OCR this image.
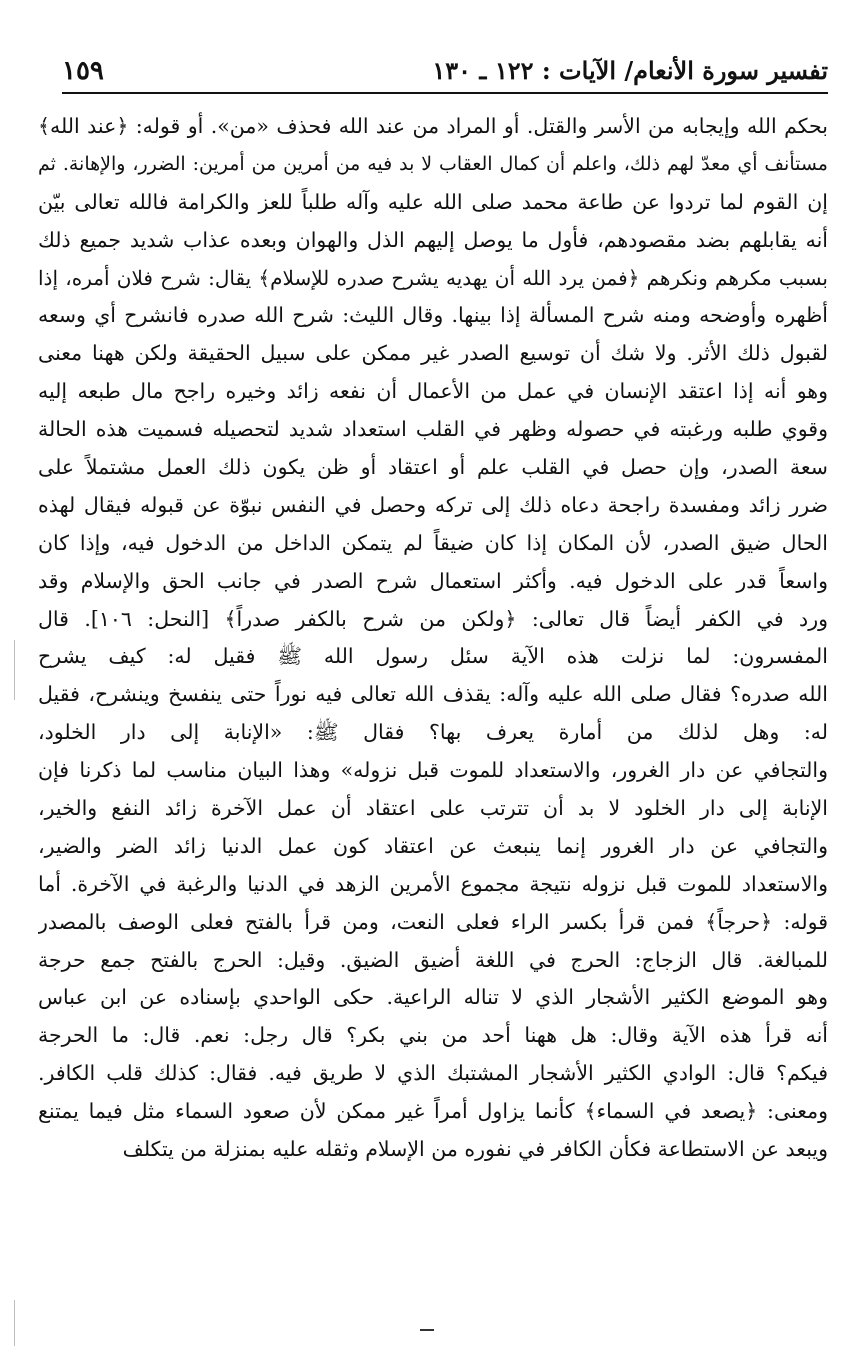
تفسير سورة الأنعام/ الآيات : ١٢٢ ـ ١٣٠
١٥٩
بحكم الله وإيجابه من الأسر والقتل. أو المراد من عند الله فحذف «من». أو قوله: ﴿عند الله﴾
مستأنف أي معدّ لهم ذلك، واعلم أن كمال العقاب لا بد فيه من أمرين من أمرين: الضرر، والإهانة. ثم
إن القوم لما تردوا عن طاعة محمد صلى الله عليه وآله طلباً للعز والكرامة فالله تعالى بيّن
أنه يقابلهم بضد مقصودهم، فأول ما يوصل إليهم الذل والهوان وبعده عذاب شديد جميع ذلك
بسبب مكرهم ونكرهم ﴿فمن يرد الله أن يهديه يشرح صدره للإسلام﴾ يقال: شرح فلان أمره، إذا
أظهره وأوضحه ومنه شرح المسألة إذا بينها. وقال الليث: شرح الله صدره فانشرح أي وسعه
لقبول ذلك الأثر. ولا شك أن توسيع الصدر غير ممكن على سبيل الحقيقة ولكن ههنا معنى
وهو أنه إذا اعتقد الإنسان في عمل من الأعمال أن نفعه زائد وخيره راجح مال طبعه إليه
وقوي طلبه ورغبته في حصوله وظهر في القلب استعداد شديد لتحصيله فسميت هذه الحالة
سعة الصدر، وإن حصل في القلب علم أو اعتقاد أو ظن يكون ذلك العمل مشتملاً على
ضرر زائد ومفسدة راجحة دعاه ذلك إلى تركه وحصل في النفس نبوّة عن قبوله فيقال لهذه
الحال ضيق الصدر، لأن المكان إذا كان ضيقاً لم يتمكن الداخل من الدخول فيه، وإذا كان
واسعاً قدر على الدخول فيه. وأكثر استعمال شرح الصدر في جانب الحق والإسلام وقد
ورد في الكفر أيضاً قال تعالى: ﴿ولكن من شرح بالكفر صدراً﴾ [النحل: ١٠٦]. قال
المفسرون: لما نزلت هذه الآية سئل رسول الله ﷺ فقيل له: كيف يشرح
الله صدره؟ فقال صلى الله عليه وآله: يقذف الله تعالى فيه نوراً حتى ينفسخ وينشرح، فقيل
له: وهل لذلك من أمارة يعرف بها؟ فقال ﷺ: «الإنابة إلى دار الخلود،
والتجافي عن دار الغرور، والاستعداد للموت قبل نزوله» وهذا البيان مناسب لما ذكرنا فإن
الإنابة إلى دار الخلود لا بد أن تترتب على اعتقاد أن عمل الآخرة زائد النفع والخير،
والتجافي عن دار الغرور إنما ينبعث عن اعتقاد كون عمل الدنيا زائد الضر والضير،
والاستعداد للموت قبل نزوله نتيجة مجموع الأمرين الزهد في الدنيا والرغبة في الآخرة. أما
قوله: ﴿حرجاً﴾ فمن قرأ بكسر الراء فعلى النعت، ومن قرأ بالفتح فعلى الوصف بالمصدر
للمبالغة. قال الزجاج: الحرج في اللغة أضيق الضيق. وقيل: الحرج بالفتح جمع حرجة
وهو الموضع الكثير الأشجار الذي لا تناله الراعية. حكى الواحدي بإسناده عن ابن عباس
أنه قرأ هذه الآية وقال: هل ههنا أحد من بني بكر؟ قال رجل: نعم. قال: ما الحرجة
فيكم؟ قال: الوادي الكثير الأشجار المشتبك الذي لا طريق فيه. فقال: كذلك قلب الكافر.
ومعنى: ﴿يصعد في السماء﴾ كأنما يزاول أمراً غير ممكن لأن صعود السماء مثل فيما يمتنع
ويبعد عن الاستطاعة فكأن الكافر في نفوره من الإسلام وثقله عليه بمنزلة من يتكلف
